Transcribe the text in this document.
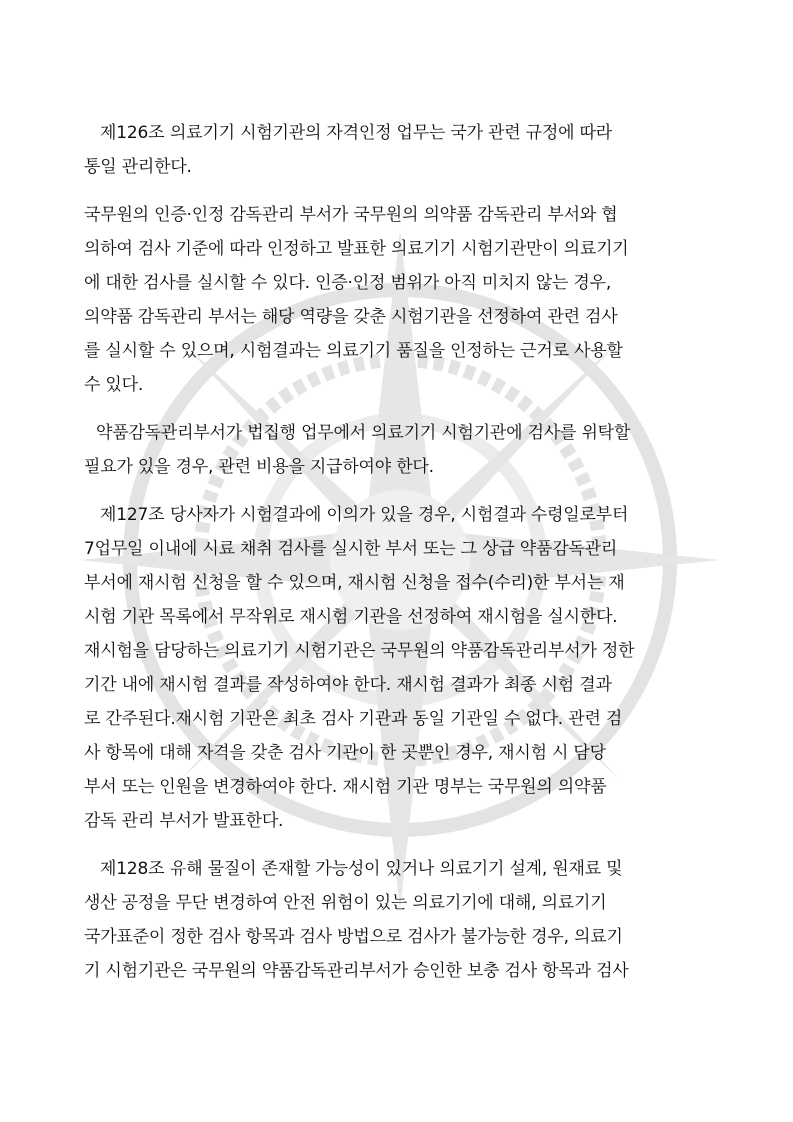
제126조 의료기기 시험기관의 자격인정 업무는 국가 관련 규정에 따라
통일 관리한다.
국무원의 인증·인정 감독관리 부서가 국무원의 의약품 감독관리 부서와 협
의하여 검사 기준에 따라 인정하고 발표한 의료기기 시험기관만이 의료기기
에 대한 검사를 실시할 수 있다. 인증·인정 범위가 아직 미치지 않는 경우,
의약품 감독관리 부서는 해당 역량을 갖춘 시험기관을 선정하여 관련 검사
를 실시할 수 있으며, 시험결과는 의료기기 품질을 인정하는 근거로 사용할
수 있다.
약품감독관리부서가 법집행 업무에서 의료기기 시험기관에 검사를 위탁할
필요가 있을 경우, 관련 비용을 지급하여야 한다.
제127조 당사자가 시험결과에 이의가 있을 경우, 시험결과 수령일로부터
7업무일 이내에 시료 채취 검사를 실시한 부서 또는 그 상급 약품감독관리
부서에 재시험 신청을 할 수 있으며, 재시험 신청을 접수(수리)한 부서는 재
시험 기관 목록에서 무작위로 재시험 기관을 선정하여 재시험을 실시한다.
재시험을 담당하는 의료기기 시험기관은 국무원의 약품감독관리부서가 정한
기간 내에 재시험 결과를 작성하여야 한다. 재시험 결과가 최종 시험 결과
로 간주된다.재시험 기관은 최초 검사 기관과 동일 기관일 수 없다. 관련 검
사 항목에 대해 자격을 갖춘 검사 기관이 한 곳뿐인 경우, 재시험 시 담당
부서 또는 인원을 변경하여야 한다. 재시험 기관 명부는 국무원의 의약품
감독 관리 부서가 발표한다.
제128조 유해 물질이 존재할 가능성이 있거나 의료기기 설계, 원재료 및
생산 공정을 무단 변경하여 안전 위험이 있는 의료기기에 대해, 의료기기
국가표준이 정한 검사 항목과 검사 방법으로 검사가 불가능한 경우, 의료기
기 시험기관은 국무원의 약품감독관리부서가 승인한 보충 검사 항목과 검사
